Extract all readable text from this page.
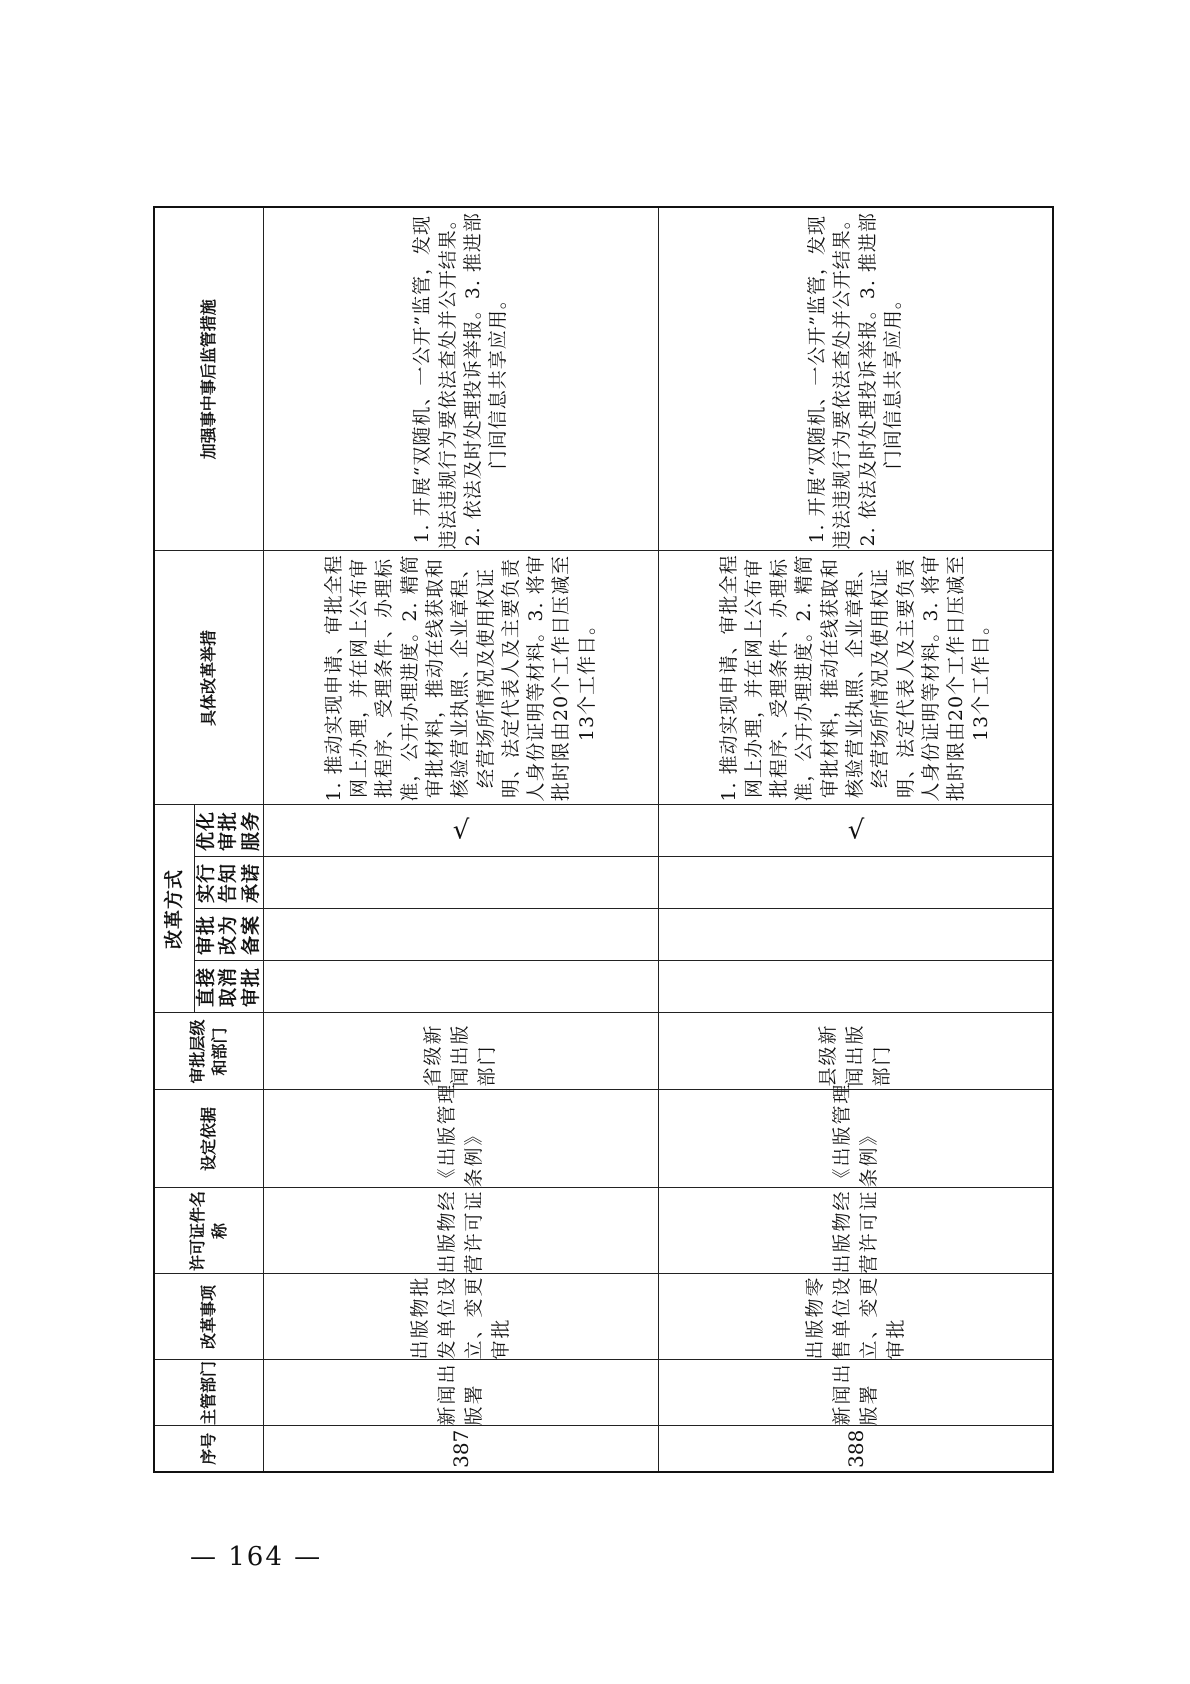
序号	主管部门	改革事项	许可证件名称	设定依据	审批层级和部门	改革方式				具体改革举措	加强事中事后监管措施
						直接取消审批	审批改为备案	实行告知承诺	优化审批服务		
387	新闻出版署	出版物批发单位设立、变更审批	出版物经营许可证	《出版管理条例》	省级新闻出版部门				√	1. 推动实现申请、审批全程网上办理，并在网上公布审批程序、受理条件、办理标准，公开办理进度。2. 精简审批材料，推动在线获取和核验营业执照、企业章程、经营场所情况及使用权证明、法定代表人及主要负责人身份证明等材料。3. 将审批时限由20个工作日压减至13个工作日。	1. 开展“双随机、一公开”监管，发现违法违规行为要依法查处并公开结果。2. 依法及时处理投诉举报。3. 推进部门间信息共享应用。
388	新闻出版署	出版物零售单位设立、变更审批	出版物经营许可证	《出版管理条例》	县级新闻出版部门				√	1. 推动实现申请、审批全程网上办理，并在网上公布审批程序、受理条件、办理标准，公开办理进度。2. 精简审批材料，推动在线获取和核验营业执照、企业章程、经营场所情况及使用权证明、法定代表人及主要负责人身份证明等材料。3. 将审批时限由20个工作日压减至13个工作日。	1. 开展“双随机、一公开”监管，发现违法违规行为要依法查处并公开结果。2. 依法及时处理投诉举报。3. 推进部门间信息共享应用。
— 164 —
